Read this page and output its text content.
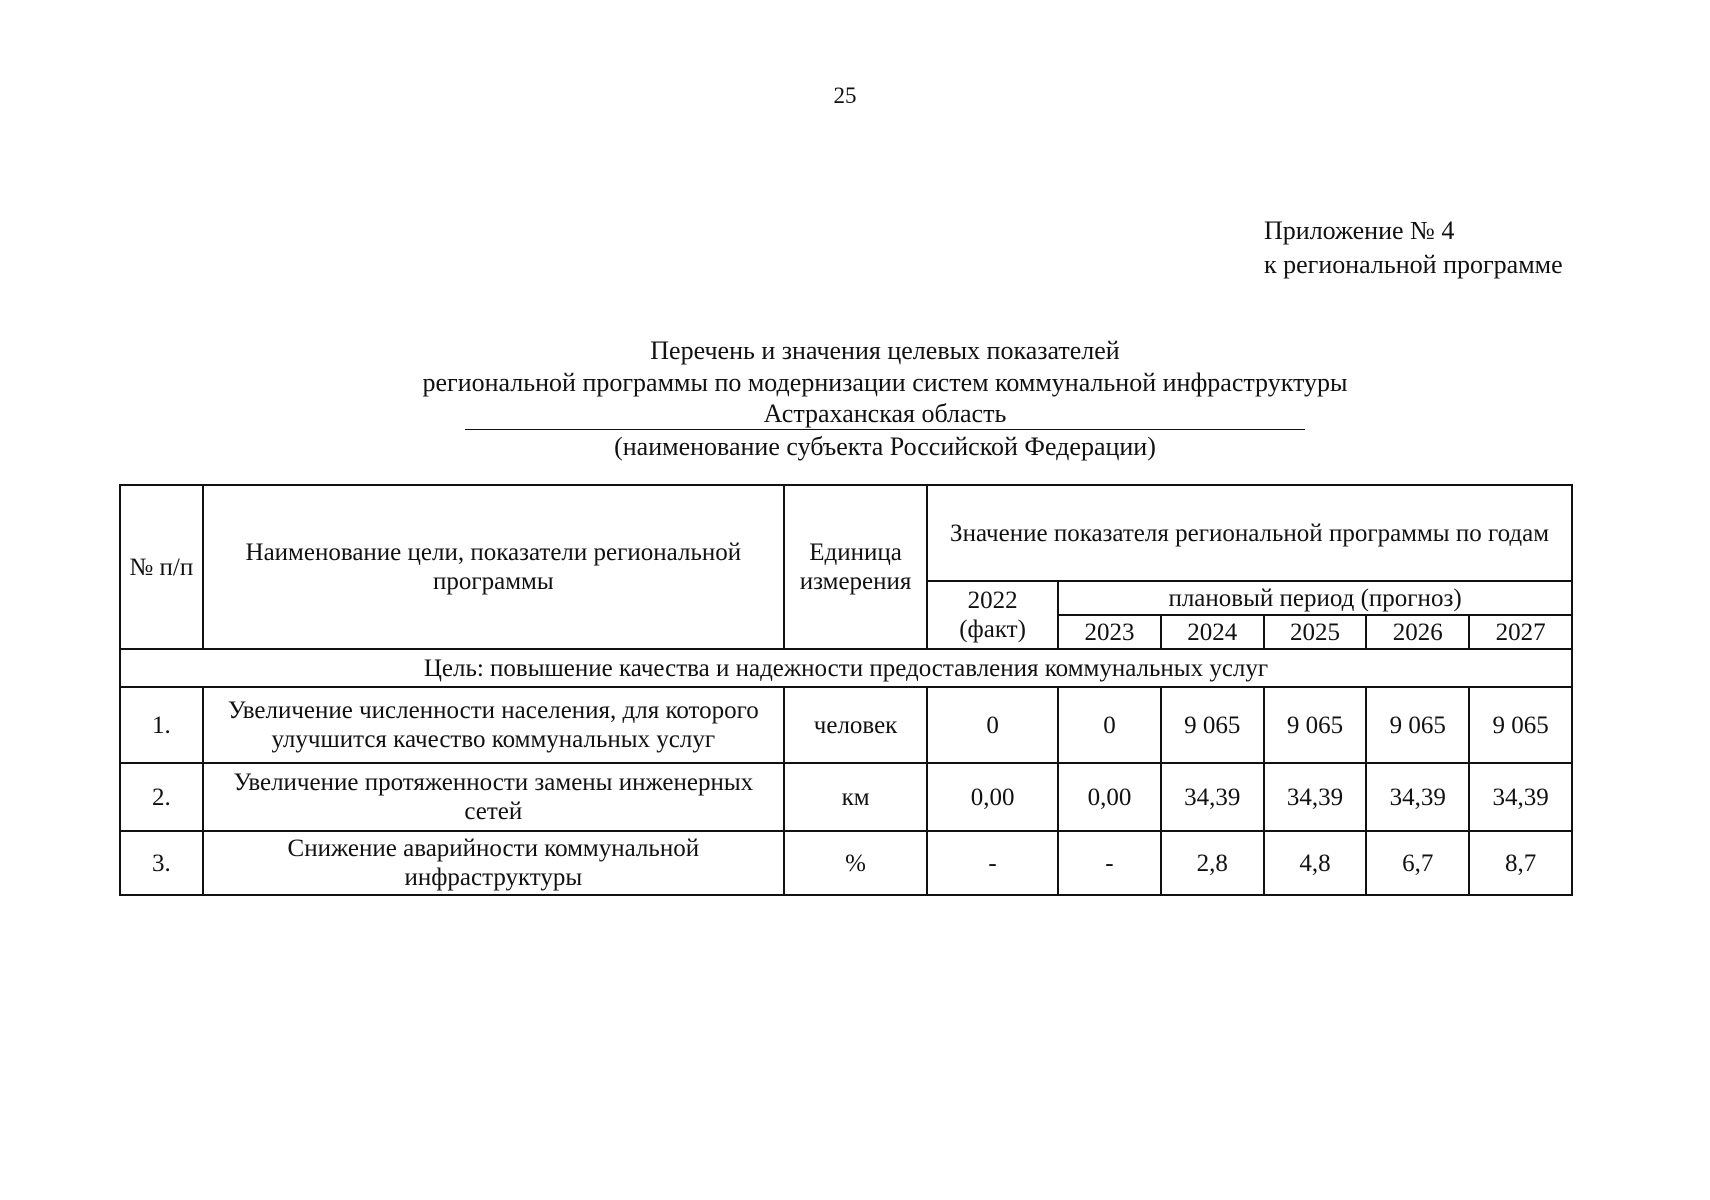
25
Приложение № 4
к региональной программе
Перечень и значения целевых показателей
региональной программы по модернизации систем коммунальной инфраструктуры
Астраханская область
(наименование субъекта Российской Федерации)
№ п/п	Наименование цели, показатели региональной программы	Единица измерения	Значение показателя региональной программы по годам					
			2022 (факт)	плановый период (прогноз)				
				2023	2024	2025	2026	2027
Цель: повышение качества и надежности предоставления коммунальных услуг								
1.	Увеличение численности населения, для которого улучшится качество коммунальных услуг	человек	0	0	9 065	9 065	9 065	9 065
2.	Увеличение протяженности замены инженерных сетей	км	0,00	0,00	34,39	34,39	34,39	34,39
3.	Снижение аварийности коммунальной инфраструктуры	%	-	-	2,8	4,8	6,7	8,7
